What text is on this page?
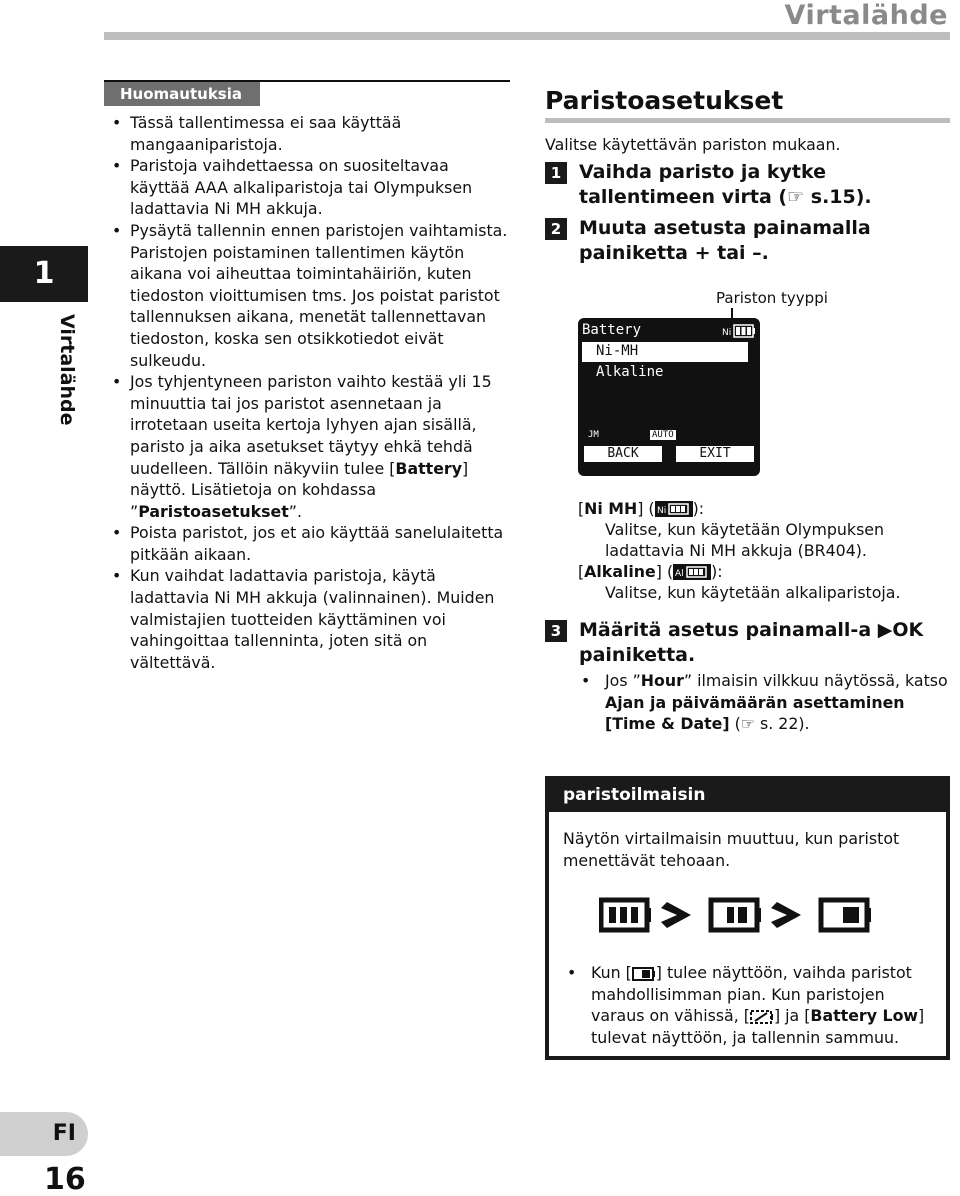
Virtalähde
1
Virtalähde
FI
16
Huomautuksia
• Tässä tallentimessa ei saa käyttää mangaaniparistoja.
• Paristoja vaihdettaessa on suositeltavaa käyttää AAA alkaliparistoja tai Olympuksen ladattavia Ni MH akkuja.
• Pysäytä tallennin ennen paristojen vaihtamista. Paristojen poistaminen tallentimen käytön aikana voi aiheuttaa toimintahäiriön, kuten tiedoston vioittumisen tms. Jos poistat paristot tallennuksen aikana, menetät tallennettavan tiedoston, koska sen otsikkotiedot eivät sulkeudu.
• Jos tyhjentyneen pariston vaihto kestää yli 15 minuuttia tai jos paristot asennetaan ja irrotetaan useita kertoja lyhyen ajan sisällä, paristo ja aika asetukset täytyy ehkä tehdä uudelleen. Tällöin näkyviin tulee [Battery] näyttö. Lisätietoja on kohdassa ”Paristoasetukset”.
• Poista paristot, jos et aio käyttää sanelulaitetta pitkään aikaan.
• Kun vaihdat ladattavia paristoja, käytä ladattavia Ni MH akkuja (valinnainen). Muiden valmistajien tuotteiden käyttäminen voi vahingoittaa tallenninta, joten sitä on vältettävä.
Paristoasetukset
Valitse käytettävän pariston mukaan.
1 Vaihda paristo ja kytke tallentimeen virta (☞ s.15).
2 Muuta asetusta painamalla painiketta + tai –.
Pariston tyyppi
Battery	Ni
Ni-MH
Alkaline
JM	AUTO
BACK	EXIT
[Ni MH] ( Ni ):
Valitse, kun käytetään Olympuksen ladattavia Ni MH akkuja (BR404).
[Alkaline] ( Al ):
Valitse, kun käytetään alkaliparistoja.
3 Määritä asetus painamall-a ▶OK painiketta.
• Jos ”Hour” ilmaisin vilkkuu näytössä, katso Ajan ja päivämäärän asettaminen [Time & Date] (☞ s. 22).
paristoilmaisin
Näytön virtailmaisin muuttuu, kun paristot menettävät tehoaan.
• Kun [ ] tulee näyttöön, vaihda paristot mahdollisimman pian. Kun paristojen varaus on vähissä, [ ] ja [Battery Low] tulevat näyttöön, ja tallennin sammuu.
